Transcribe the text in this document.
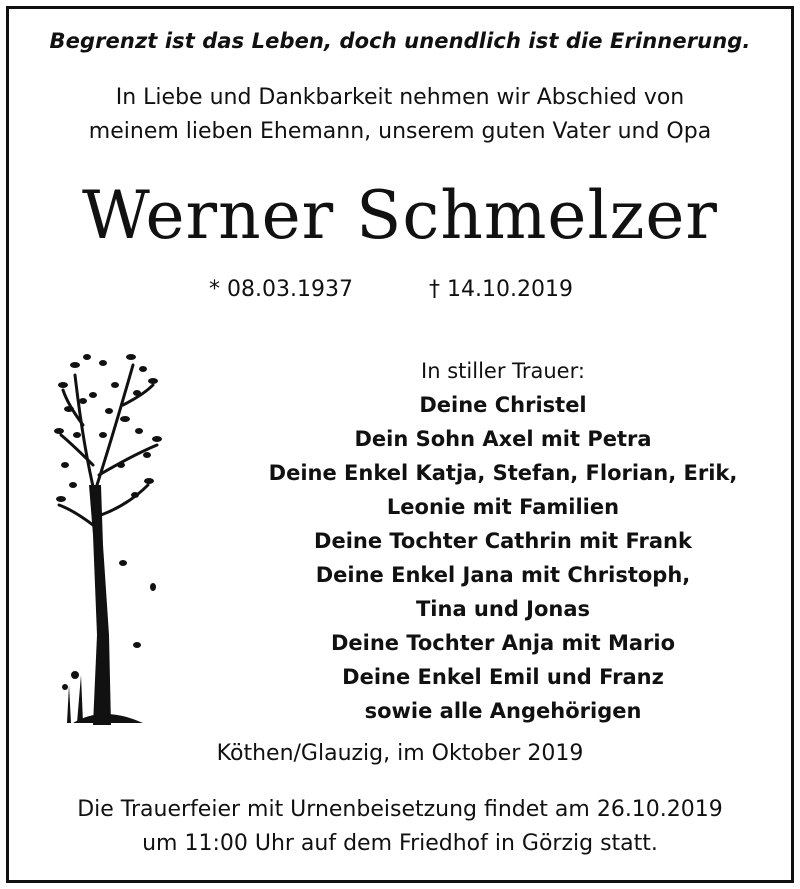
Begrenzt ist das Leben, doch unendlich ist die Erinnerung.
In Liebe und Dankbarkeit nehmen wir Abschied von
meinem lieben Ehemann, unserem guten Vater und Opa
Werner Schmelzer
* 08.03.1937	† 14.10.2019
In stiller Trauer:
Deine Christel
Dein Sohn Axel mit Petra
Deine Enkel Katja, Stefan, Florian, Erik,
Leonie mit Familien
Deine Tochter Cathrin mit Frank
Deine Enkel Jana mit Christoph,
Tina und Jonas
Deine Tochter Anja mit Mario
Deine Enkel Emil und Franz
sowie alle Angehörigen
Köthen/Glauzig, im Oktober 2019
Die Trauerfeier mit Urnenbeisetzung findet am 26.10.2019
um 11:00 Uhr auf dem Friedhof in Görzig statt.
